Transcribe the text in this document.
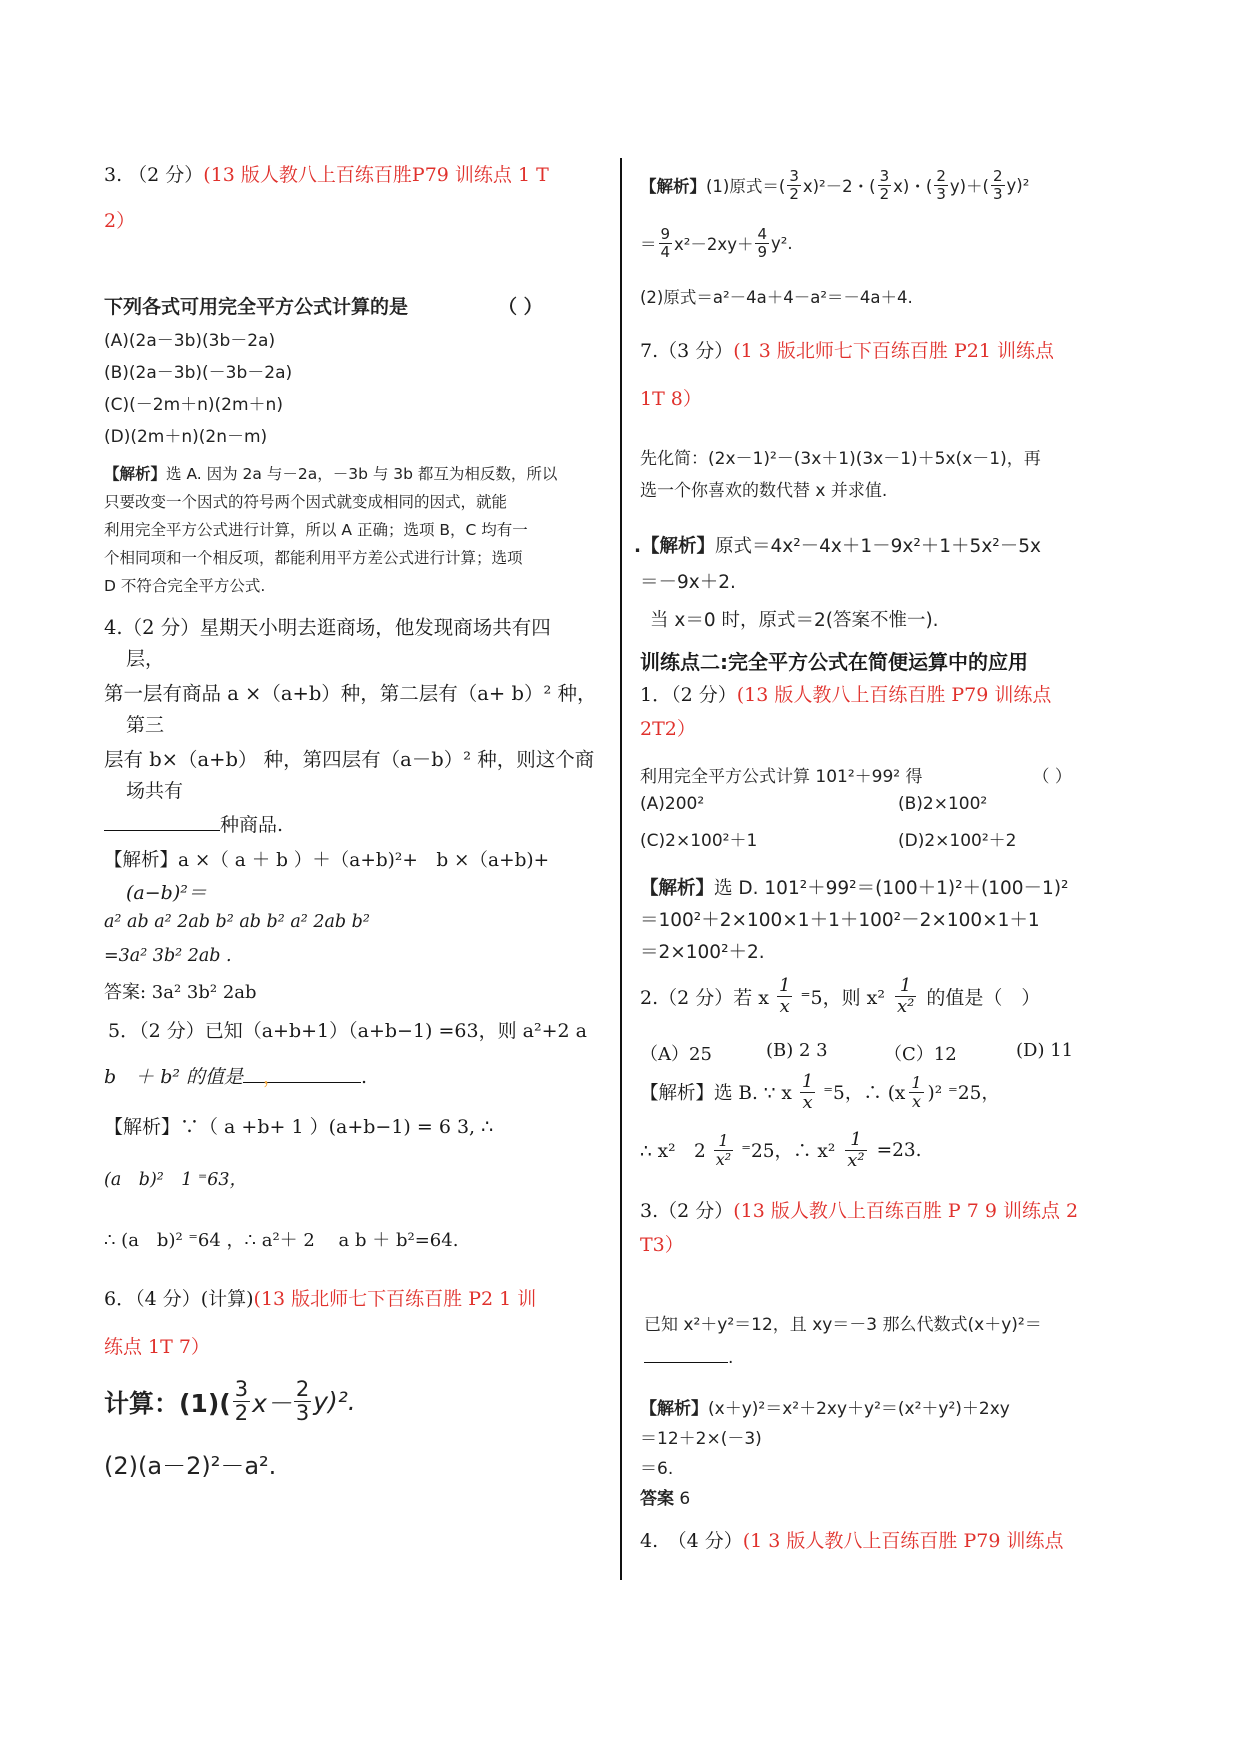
3. （2 分）(13 版人教八上百练百胜P79 训练点 1 T
2）
下列各式可用完全平方公式计算的是	（ ）
(A)(2a－3b)(3b－2a)
(B)(2a－3b)(－3b－2a)
(C)(－2m＋n)(2m＋n)
(D)(2m＋n)(2n－m)
【解析】选 A. 因为 2a 与－2a，－3b 与 3b 都互为相反数，所以
只要改变一个因式的符号两个因式就变成相同的因式，就能
利用完全平方公式进行计算，所以 A 正确；选项 B，C 均有一
个相同项和一个相反项，都能利用平方差公式进行计算；选项
D 不符合完全平方公式.
4.（2 分）星期天小明去逛商场，他发现商场共有四
层，
第一层有商品 a ×（a+b）种，第二层有（a+ b）² 种，
第三
层有 b×（a+b） 种，第四层有（a－b）² 种，则这个商
场共有
种商品.
【解析】a ×（ a ＋ b ）＋（a+b)²+　b ×（a+b)+
(a−b)²＝
a² ab a² 2ab b² ab b² a² 2ab b²
=3a² 3b² 2ab .
答案: 3a² 3b² 2ab
5．（2 分）已知（a+b+1）（a+b−1) =63，则 a²+2 a
b　＋ b² 的值是 ，	.
【解析】∵（ a +b+ 1 ）(a+b−1) = 6 3, ∴
(a　b)²　1 ⁼63，
∴ (a　b)² ⁼64 ，∴ a²＋ 2　 a b ＋ b²=64.
6．（4 分）(计算)(13 版北师七下百练百胜 P2 1 训
练点 1T 7）
计算：$(1)( \frac{3}{2} x- \frac{2}{3} y)^2$.
(2)(a－2)²－a².
【解析】 (1)原式＝( $\frac{3}{2} x)^2-2$・( $\frac{3}{2} x$)・( $\frac{2}{3} y)+( \frac{2}{3} y)^2$
＝ $\frac{9}{4} x^2-2xy+ \frac{4}{9} y^2$.
(2)原式＝a²－4a＋4－a²＝－4a＋4.
7.（3 分）(1 3 版北师七下百练百胜 P21 训练点
1T 8）
先化简：(2x－1)²－(3x＋1)(3x－1)＋5x(x－1)，再
选一个你喜欢的数代替 x 并求值.
.【解析】原式＝4x²－4x＋1－9x²＋1＋5x²－5x
＝－9x＋2.
当 x＝0 时，原式＝2(答案不惟一).
训练点二:完全平方公式在简便运算中的应用
1．（2 分）(13 版人教八上百练百胜 P79 训练点
2T2）
利用完全平方公式计算 101²＋99² 得	（ ）
(A)200²	(B)2×100²
(C)2×100²＋1	(D)2×100²＋2
【解析】选 D. 101²＋99²＝(100＋1)²＋(100－1)²
＝100²＋2×100×1＋1＋100²－2×100×1＋1
＝2×100²＋2.
2.（2 分）若 x $\frac{1}{x} ^=5$，则 $x^2 \frac{1}{\text{x²}}$ 的值是（　）
（A）25	(B) 2 3	（C）12	(D) 11
【解析】选 B. ∵ x $\frac{1}{x} ^=5$，∴ $(x \frac{1}{x} )^2$ ⁼25，
∴ x²　$2 \frac{1}{\text{x²}} ^=25$，∴ $x^2 \frac{1}{\text{x²}} =23$.
3.（2 分）(13 版人教八上百练百胜 P 7 9 训练点 2
T3）
已知 x²＋y²＝12，且 xy＝－3 那么代数式(x＋y)²＝
.
【解析】(x＋y)²＝x²＋2xy＋y²＝(x²＋y²)＋2xy
＝12＋2×(－3)
＝6.
答案 6
4.　（4 分）(1 3 版人教八上百练百胜 P79 训练点
